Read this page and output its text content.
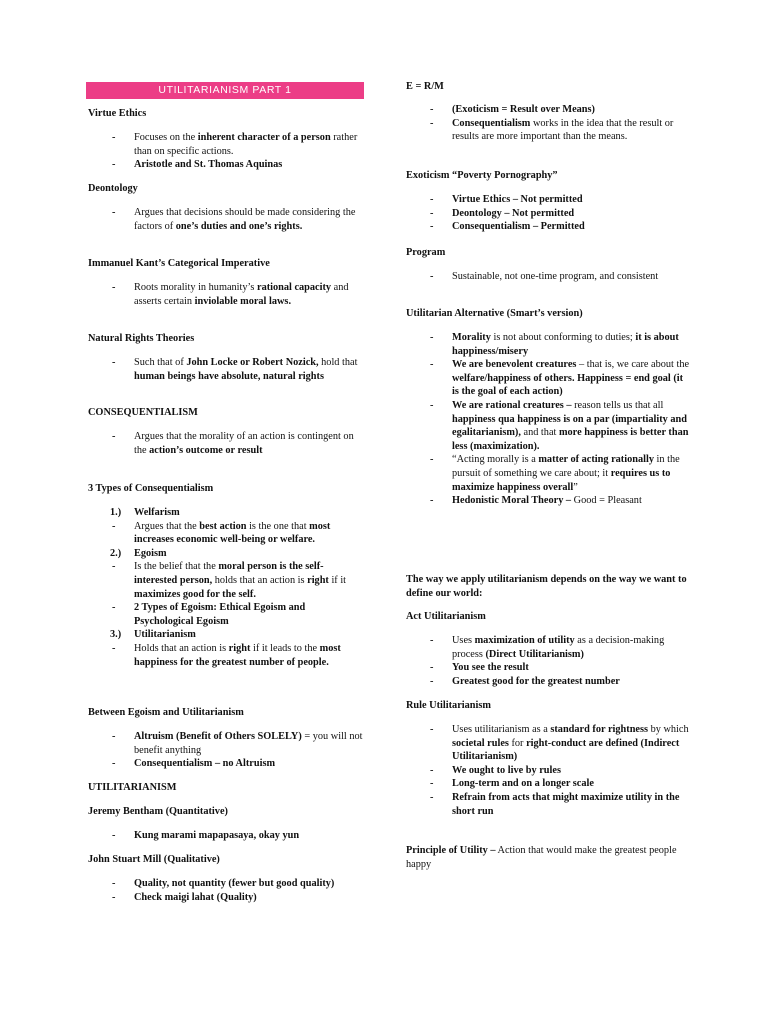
UTILITARIANISM PART 1
Virtue Ethics
- Focuses on the inherent character of a person rather than on specific actions.
- Aristotle and St. Thomas Aquinas
Deontology
- Argues that decisions should be made considering the factors of one’s duties and one’s rights.
Immanuel Kant’s Categorical Imperative
- Roots morality in humanity’s rational capacity and asserts certain inviolable moral laws.
Natural Rights Theories
- Such that of John Locke or Robert Nozick, hold that human beings have absolute, natural rights
CONSEQUENTIALISM
- Argues that the morality of an action is contingent on the action’s outcome or result
3 Types of Consequentialism
1.) Welfarism
- Argues that the best action is the one that most increases economic well-being or welfare.
2.) Egoism
- Is the belief that the moral person is the self-interested person, holds that an action is right if it maximizes good for the self.
- 2 Types of Egoism: Ethical Egoism and Psychological Egoism
3.) Utilitarianism
- Holds that an action is right if it leads to the most happiness for the greatest number of people.
Between Egoism and Utilitarianism
- Altruism (Benefit of Others SOLELY) = you will not benefit anything
- Consequentialism – no Altruism
UTILITARIANISM
Jeremy Bentham (Quantitative)
- Kung marami mapapasaya, okay yun
John Stuart Mill (Qualitative)
- Quality, not quantity (fewer but good quality)
- Check maigi lahat (Quality)
E = R/M
- (Exoticism = Result over Means)
- Consequentialism works in the idea that the result or results are more important than the means.
Exoticism “Poverty Pornography”
- Virtue Ethics – Not permitted
- Deontology – Not permitted
- Consequentialism – Permitted
Program
- Sustainable, not one-time program, and consistent
Utilitarian Alternative (Smart’s version)
- Morality is not about conforming to duties; it is about happiness/misery
- We are benevolent creatures – that is, we care about the welfare/happiness of others. Happiness = end goal (it is the goal of each action)
- We are rational creatures – reason tells us that all happiness qua happiness is on a par (impartiality and egalitarianism), and that more happiness is better than less (maximization).
- “Acting morally is a matter of acting rationally in the pursuit of something we care about; it requires us to maximize happiness overall”
- Hedonistic Moral Theory – Good = Pleasant
The way we apply utilitarianism depends on the way we want to define our world:
Act Utilitarianism
- Uses maximization of utility as a decision-making process (Direct Utilitarianism)
- You see the result
- Greatest good for the greatest number
Rule Utilitarianism
- Uses utilitarianism as a standard for rightness by which societal rules for right-conduct are defined (Indirect Utilitarianism)
- We ought to live by rules
- Long-term and on a longer scale
- Refrain from acts that might maximize utility in the short run
Principle of Utility – Action that would make the greatest people happy
